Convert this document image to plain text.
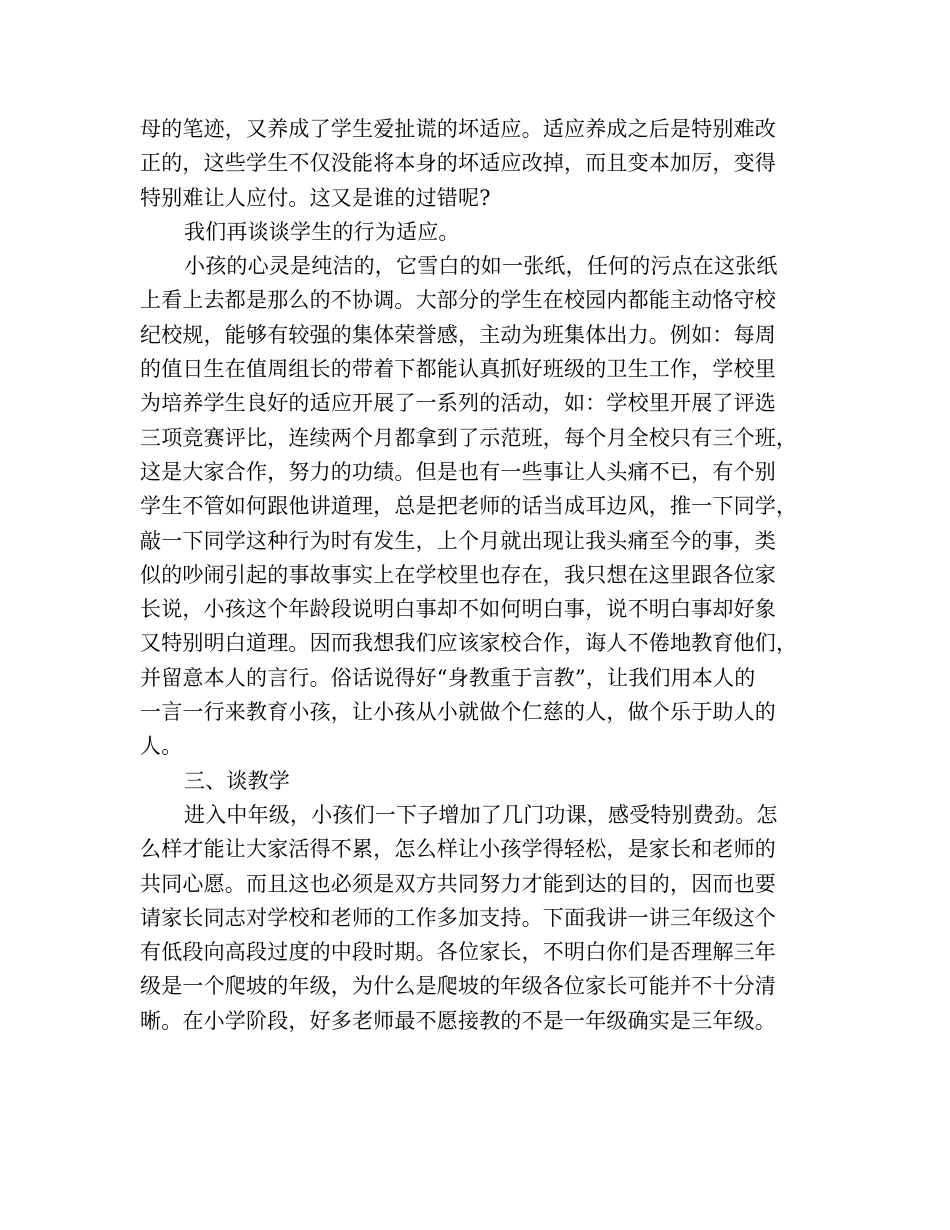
母的笔迹，又养成了学生爱扯谎的坏适应。适应养成之后是特别难改
正的，这些学生不仅没能将本身的坏适应改掉，而且变本加厉，变得
特别难让人应付。这又是谁的过错呢?
我们再谈谈学生的行为适应。
小孩的心灵是纯洁的，它雪白的如一张纸，任何的污点在这张纸
上看上去都是那么的不协调。大部分的学生在校园内都能主动恪守校
纪校规，能够有较强的集体荣誉感，主动为班集体出力。例如：每周
的值日生在值周组长的带着下都能认真抓好班级的卫生工作，学校里
为培养学生良好的适应开展了一系列的活动，如：学校里开展了评选
三项竞赛评比，连续两个月都拿到了示范班，每个月全校只有三个班，
这是大家合作，努力的功绩。但是也有一些事让人头痛不已，有个别
学生不管如何跟他讲道理，总是把老师的话当成耳边风，推一下同学，
敲一下同学这种行为时有发生，上个月就出现让我头痛至今的事，类
似的吵闹引起的事故事实上在学校里也存在，我只想在这里跟各位家
长说，小孩这个年龄段说明白事却不如何明白事，说不明白事却好象
又特别明白道理。因而我想我们应该家校合作，诲人不倦地教育他们，
并留意本人的言行。俗话说得好“身教重于言教”，让我们用本人的
一言一行来教育小孩，让小孩从小就做个仁慈的人，做个乐于助人的
人。
三、谈教学
进入中年级，小孩们一下子增加了几门功课，感受特别费劲。怎
么样才能让大家活得不累，怎么样让小孩学得轻松，是家长和老师的
共同心愿。而且这也必须是双方共同努力才能到达的目的，因而也要
请家长同志对学校和老师的工作多加支持。下面我讲一讲三年级这个
有低段向高段过度的中段时期。各位家长，不明白你们是否理解三年
级是一个爬坡的年级，为什么是爬坡的年级各位家长可能并不十分清
晰。在小学阶段，好多老师最不愿接教的不是一年级确实是三年级。
